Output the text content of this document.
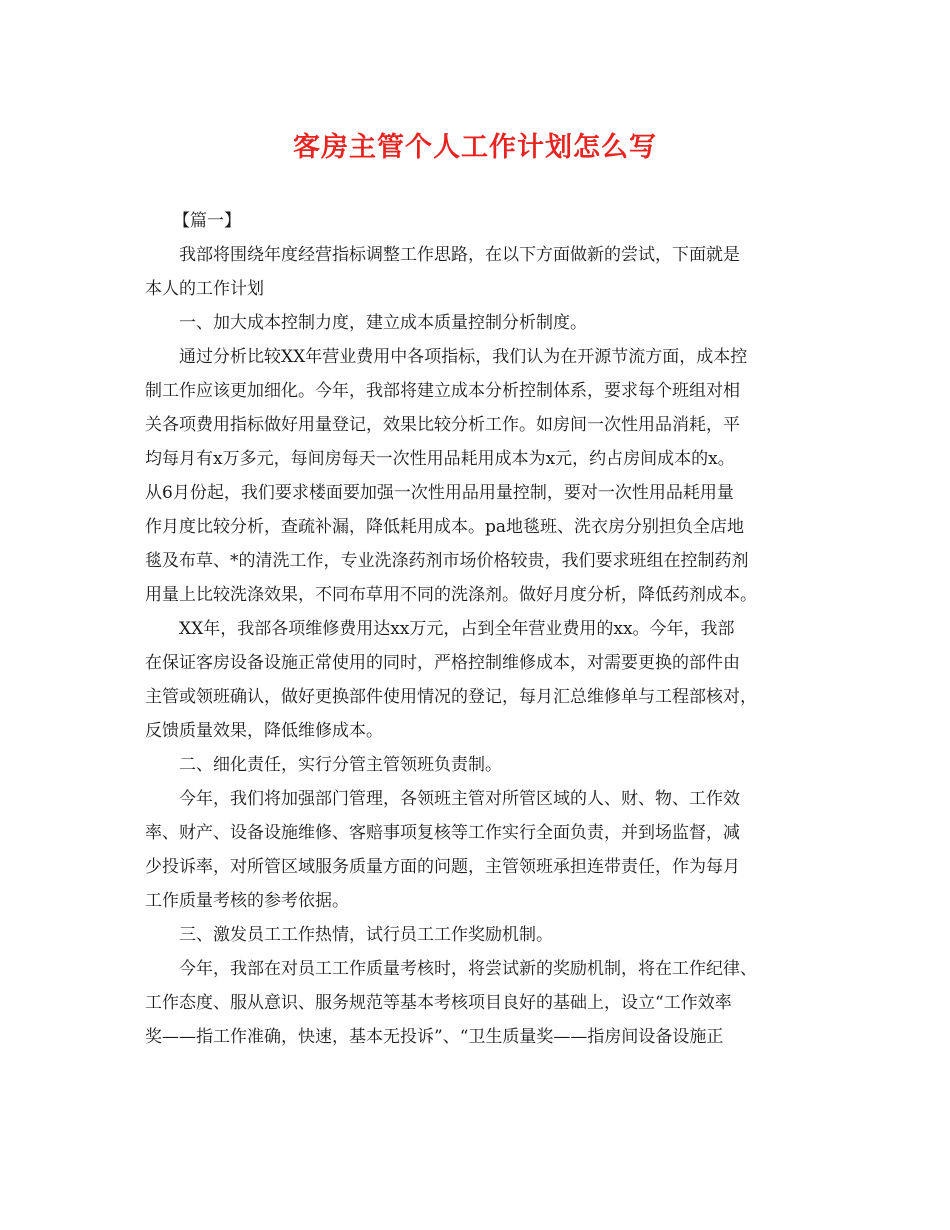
客房主管个人工作计划怎么写
【篇一】
我部将围绕年度经营指标调整工作思路，在以下方面做新的尝试，下面就是
本人的工作计划
一、加大成本控制力度，建立成本质量控制分析制度。
通过分析比较XX年营业费用中各项指标，我们认为在开源节流方面，成本控
制工作应该更加细化。今年，我部将建立成本分析控制体系，要求每个班组对相
关各项费用指标做好用量登记，效果比较分析工作。如房间一次性用品消耗，平
均每月有x万多元，每间房每天一次性用品耗用成本为x元，约占房间成本的x。
从6月份起，我们要求楼面要加强一次性用品用量控制，要对一次性用品耗用量
作月度比较分析，查疏补漏，降低耗用成本。pa地毯班、洗衣房分别担负全店地
毯及布草、*的清洗工作，专业洗涤药剂市场价格较贵，我们要求班组在控制药剂
用量上比较洗涤效果，不同布草用不同的洗涤剂。做好月度分析，降低药剂成本。
XX年，我部各项维修费用达xx万元，占到全年营业费用的xx。今年，我部
在保证客房设备设施正常使用的同时，严格控制维修成本，对需要更换的部件由
主管或领班确认，做好更换部件使用情况的登记，每月汇总维修单与工程部核对，
反馈质量效果，降低维修成本。
二、细化责任，实行分管主管领班负责制。
今年，我们将加强部门管理，各领班主管对所管区域的人、财、物、工作效
率、财产、设备设施维修、客赔事项复核等工作实行全面负责，并到场监督，减
少投诉率，对所管区域服务质量方面的问题，主管领班承担连带责任，作为每月
工作质量考核的参考依据。
三、激发员工工作热情，试行员工工作奖励机制。
今年，我部在对员工工作质量考核时，将尝试新的奖励机制，将在工作纪律、
工作态度、服从意识、服务规范等基本考核项目良好的基础上，设立“工作效率
奖——指工作准确，快速，基本无投诉”、“卫生质量奖——指房间设备设施正
